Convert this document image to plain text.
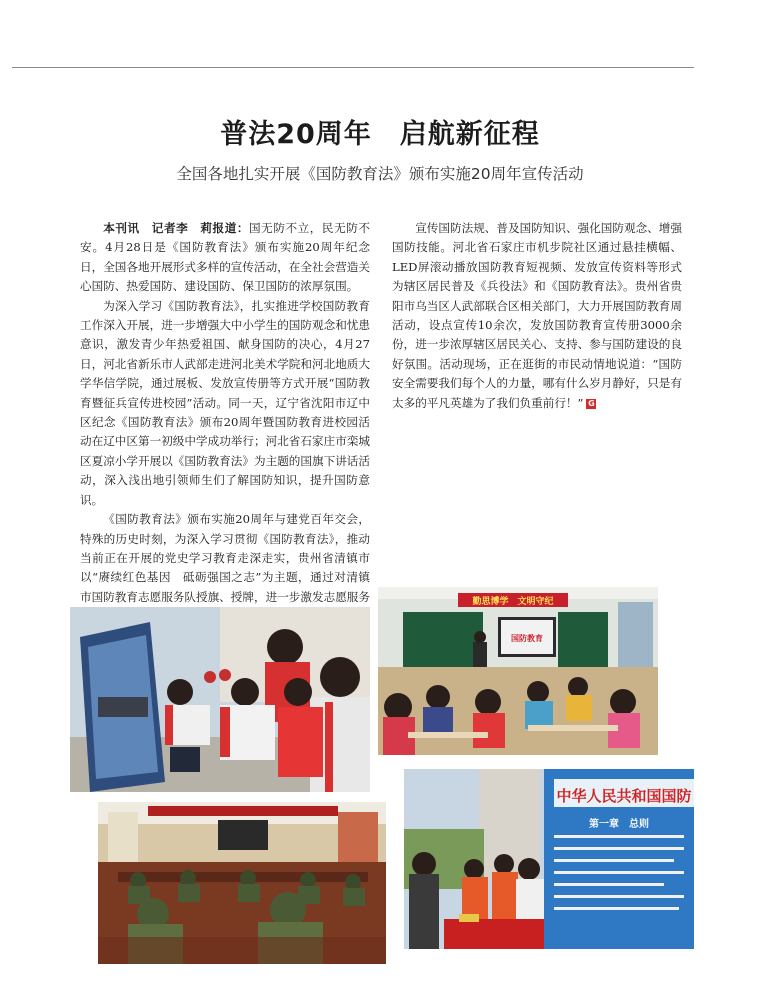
普法20周年　启航新征程
全国各地扎实开展《国防教育法》颁布实施20周年宣传活动

本刊讯　记者李　莉报道：国无防不立，民无防不安。4月28日是《国防教育法》颁布实施20周年纪念日，全国各地开展形式多样的宣传活动，在全社会营造关心国防、热爱国防、建设国防、保卫国防的浓厚氛围。

为深入学习《国防教育法》，扎实推进学校国防教育工作深入开展，进一步增强大中小学生的国防观念和忧患意识，激发青少年热爱祖国、献身国防的决心，4月27日，河北省新乐市人武部走进河北美术学院和河北地质大学华信学院，通过展板、发放宣传册等方式开展“国防教育暨征兵宣传进校园”活动。同一天，辽宁省沈阳市辽中区纪念《国防教育法》颁布20周年暨国防教育进校园活动在辽中区第一初级中学成功举行；河北省石家庄市栾城区夏凉小学开展以《国防教育法》为主题的国旗下讲话活动，深入浅出地引领师生们了解国防知识，提升国防意识。

《国防教育法》颁布实施20周年与建党百年交会，特殊的历史时刻，为深入学习贯彻《国防教育法》，推动当前正在开展的党史学习教育走深走实，贵州省清镇市以“赓续红色基因　砥砺强国之志”为主题，通过对清镇市国防教育志愿服务队授旗、授牌，进一步激发志愿服务　

宣传国防法规、普及国防知识、强化国防观念、增强国防技能。河北省石家庄市机步院社区通过悬挂横幅、LED屏滚动播放国防教育短视频、发放宣传资料等形式为辖区居民普及《兵役法》和《国防教育法》。贵州省贵阳市乌当区人武部联合区相关部门，大力开展国防教育周活动，设点宣传10余次，发放国防教育宣传册3000余份，进一步浓厚辖区居民关心、支持、参与国防建设的良好氛围。活动现场，正在逛街的市民动情地说道：“国防安全需要我们每个人的力量，哪有什么岁月静好，只是有太多的平凡英雄为了我们负重前行！” G

勤思博学　文明守纪
国防教育
中华人民共和国国防
第一章　总则
